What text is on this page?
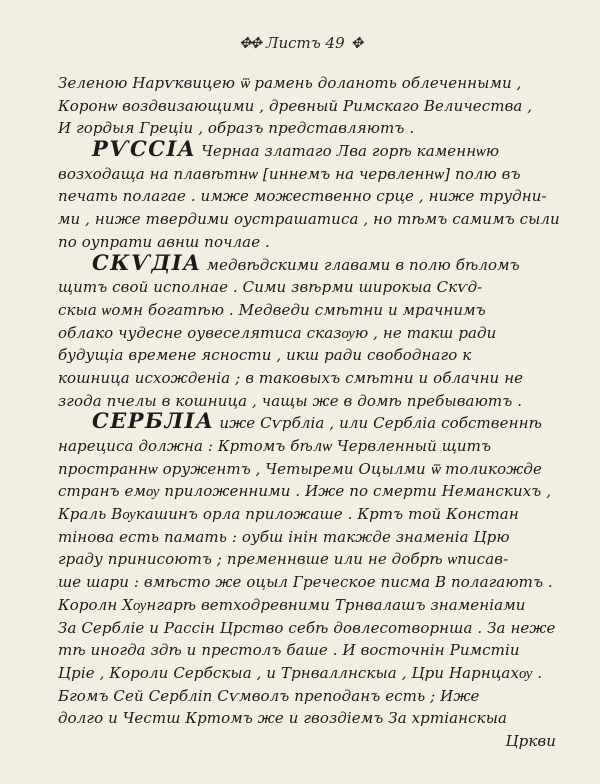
✥✥ Листъ 49 ✥
Зеленою Нарѵквицею ѿ рамень доланоть облеченными ,
Коронѡ воздвизающими , древный Римскаго Величества ,
И гордыя Греціи , образъ представляютъ .
РѴССІА Чернаа златаго Лва горѣ каменнѡю
возходаща на плавѣтнѡ [иннемъ на червленнѡ] полю въ
печать полагае . имже можественно срце , ниже трудни-
ми , ниже твердими оустрашатиса , но тѣмъ самимъ сыли
по оупрати авнш почлае .
СКѴДІА медвѣдскими главами в полю бѣломъ
щитъ свой исполнае . Сими звѣрми широкыа Скѵд-
скыа ѡомн богатѣю . Медведи смѣтни и мрачнимъ
облако чудесне оувеселятиса сказѹю , не такш ради
будущіа времене ясности , икш ради свободнаго к
кошница исхожденіа ; в таковыхъ смѣтни и облачни не
згода пчелы в кошница , чащы же в домѣ пребываютъ .
СЕРБЛІА иже Сѵрбліа , или Сербліа собственнѣ
нарециса должна : Кртомъ бѣлѡ Червленный щитъ
пространнѡ оружентъ , Четырeми Оцылми ѿ толикожде
странъ емѹ приложенними . Иже по смерти Неманскихъ ,
Краль Вѹкашинъ орла приложаше . Кртъ той Констан
тінова есть памать : оубш інін такжде знаменіа Црю
граду принисоютъ ; пременнвше или не добрѣ ѡписав-
ше шари : вмѣсто же оцыл Греческое писма В полагаютъ .
Королн Хѹнгарѣ ветходревними Трнвалашъ знаменіами
За Сербліе и Рассін Црство себѣ довлесотворнша . За неже
тѣ иногда здѣ и престолъ баше . И восточнін Римстіи
Црiе , Короли Сербскыа , и Трнваллнскыа , Цри Нарнцахѹ .
Бгомъ Сей Сербліn Сѵмволъ преподанъ есть ; Иже
долго и Честш Кртомъ же и гвоздіемъ За хртіанскыа
Цркви
